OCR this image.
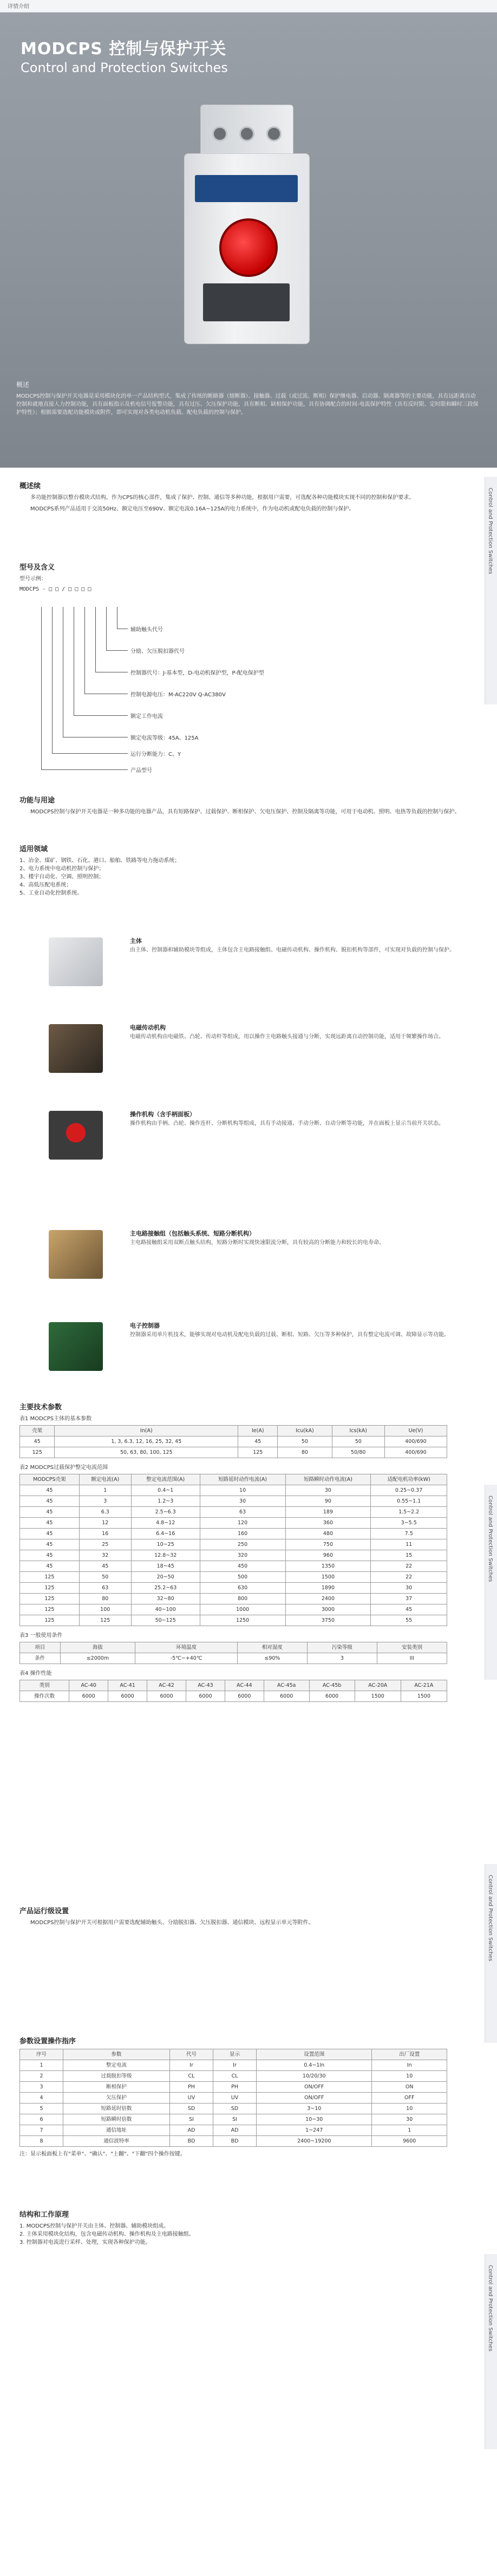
详情介绍
MODCPS 控制与保护开关
Control and Protection Switches
概述
MODCPS控制与保护开关电器是采用模块化的单一产品结构型式，集成了传统的断路器（熔断器）、接触器、过载（或过流、断相）保护继电器、启动器、隔离器等的主要功能，具有远距离自动控制和就地直接人力控制功能，具有面板指示及机电信号报警功能，具有过压、欠压保护功能，具有断相、缺相保护功能，具有协调配合的时间-电流保护特性（具有反时限、定时限和瞬时三段保护特性）；根据需要选配功能模块或附件，即可实现对各类电动机负载、配电负载的控制与保护。
Control and Protection Switches
Control and Protection Switches
Control and Protection Switches
Control and Protection Switches
概述续

多功能控制器以整台模块式结构，作为CPS的核心部件，集成了保护、控制、通信等多种功能，根据用户需要，可选配各种功能模块实现不同的控制和保护要求。

MODCPS系列产品适用于交流50Hz、额定电压至690V、额定电流0.16A~125A的电力系统中，作为电动机或配电负载的控制与保护。

型号及含义
型号示例：
MODCPS - □ □ / □ □ □ □
辅助触头代号
分励、欠压脱扣器代号
控制器代号：J-基本型，D-电动机保护型，P-配电保护型
控制电源电压：M-AC220V Q-AC380V
额定工作电流
额定电流等级：45A、125A
运行分断能力：C、Y
产品型号
功能与用途

MODCPS控制与保护开关电器是一种多功能的电器产品，具有短路保护、过载保护、断相保护、欠电压保护、控制及隔离等功能，可用于电动机、照明、电热等负载的控制与保护。

适用领域
1、冶金、煤矿、钢铁、石化、港口、船舶、铁路等电力拖动系统；
2、电力系统中电动机控制与保护；
3、楼宇自动化、空调、照明控制；
4、高低压配电系统；
5、工业自动化控制系统。
主体
由主体、控制器和辅助模块等组成，主体包含主电路接触组、电磁传动机构、操作机构、脱扣机构等部件，可实现对负载的控制与保护。
电磁传动机构
电磁传动机构由电磁铁、凸轮、传动杆等组成，用以操作主电路触头接通与分断，实现远距离自动控制功能，适用于频繁操作场合。
操作机构（含手柄面板）
操作机构由手柄、凸轮、操作连杆、分断机构等组成，具有手动接通、手动分断、自动分断等功能，并在面板上显示当前开关状态。
主电路接触组（包括触头系统、短路分断机构）
主电路接触组采用双断点触头结构，短路分断时实现快速限流分断，具有较高的分断能力和较长的电寿命。
电子控制器
控制器采用单片机技术，能够实现对电动机及配电负载的过载、断相、短路、欠压等多种保护，具有整定电流可调、故障显示等功能。
主要技术参数
表1 MODCPS主体的基本参数
壳架	In(A)	Ie(A)	Icu(kA)	Ics(kA)	Ue(V)
45	1, 3, 6.3, 12, 16, 25, 32, 45	45	50	50	400/690
125	50, 63, 80, 100, 125	125	80	50/80	400/690
表2 MODCPS过载保护整定电流范围
MODCPS壳架	额定电流(A)	整定电流范围(A)	短路延时动作电流(A)	短路瞬时动作电流(A)	适配电机功率(kW)
45	1	0.4~1	10	30	0.25~0.37
45	3	1.2~3	30	90	0.55~1.1
45	6.3	2.5~6.3	63	189	1.5~2.2
45	12	4.8~12	120	360	3~5.5
45	16	6.4~16	160	480	7.5
45	25	10~25	250	750	11
45	32	12.8~32	320	960	15
45	45	18~45	450	1350	22
125	50	20~50	500	1500	22
125	63	25.2~63	630	1890	30
125	80	32~80	800	2400	37
125	100	40~100	1000	3000	45
125	125	50~125	1250	3750	55
表3 一般使用条件
项目	海拔	环境温度	相对湿度	污染等级	安装类别
条件	≤2000m	-5℃~+40℃	≤90%	3	III
表4 操作性能
类别	AC-40	AC-41	AC-42	AC-43	AC-44	AC-45a	AC-45b	AC-20A	AC-21A
操作次数	6000	6000	6000	6000	6000	6000	6000	1500	1500
产品运行级设置

MODCPS控制与保护开关可根据用户需要选配辅助触头、分励脱扣器、欠压脱扣器、通信模块、远程显示单元等附件。

参数设置操作指序
序号	参数	代号	显示	设置范围	出厂设置
1	整定电流	Ir	Ir	0.4~1In	In
2	过载脱扣等级	CL	CL	10/20/30	10
3	断相保护	PH	PH	ON/OFF	ON
4	欠压保护	UV	UV	ON/OFF	OFF
5	短路延时倍数	SD	SD	3~10	10
6	短路瞬时倍数	SI	SI	10~30	30
7	通信地址	AD	AD	1~247	1
8	通信波特率	BD	BD	2400~19200	9600
注：显示板面板上有"菜单"、"确认"、"上翻"、"下翻"四个操作按键。
结构和工作原理
1. MODCPS控制与保护开关由主体、控制器、辅助模块组成。
2. 主体采用模块化结构，包含电磁传动机构、操作机构及主电路接触组。
3. 控制器对电流进行采样、处理，实现各种保护功能。
